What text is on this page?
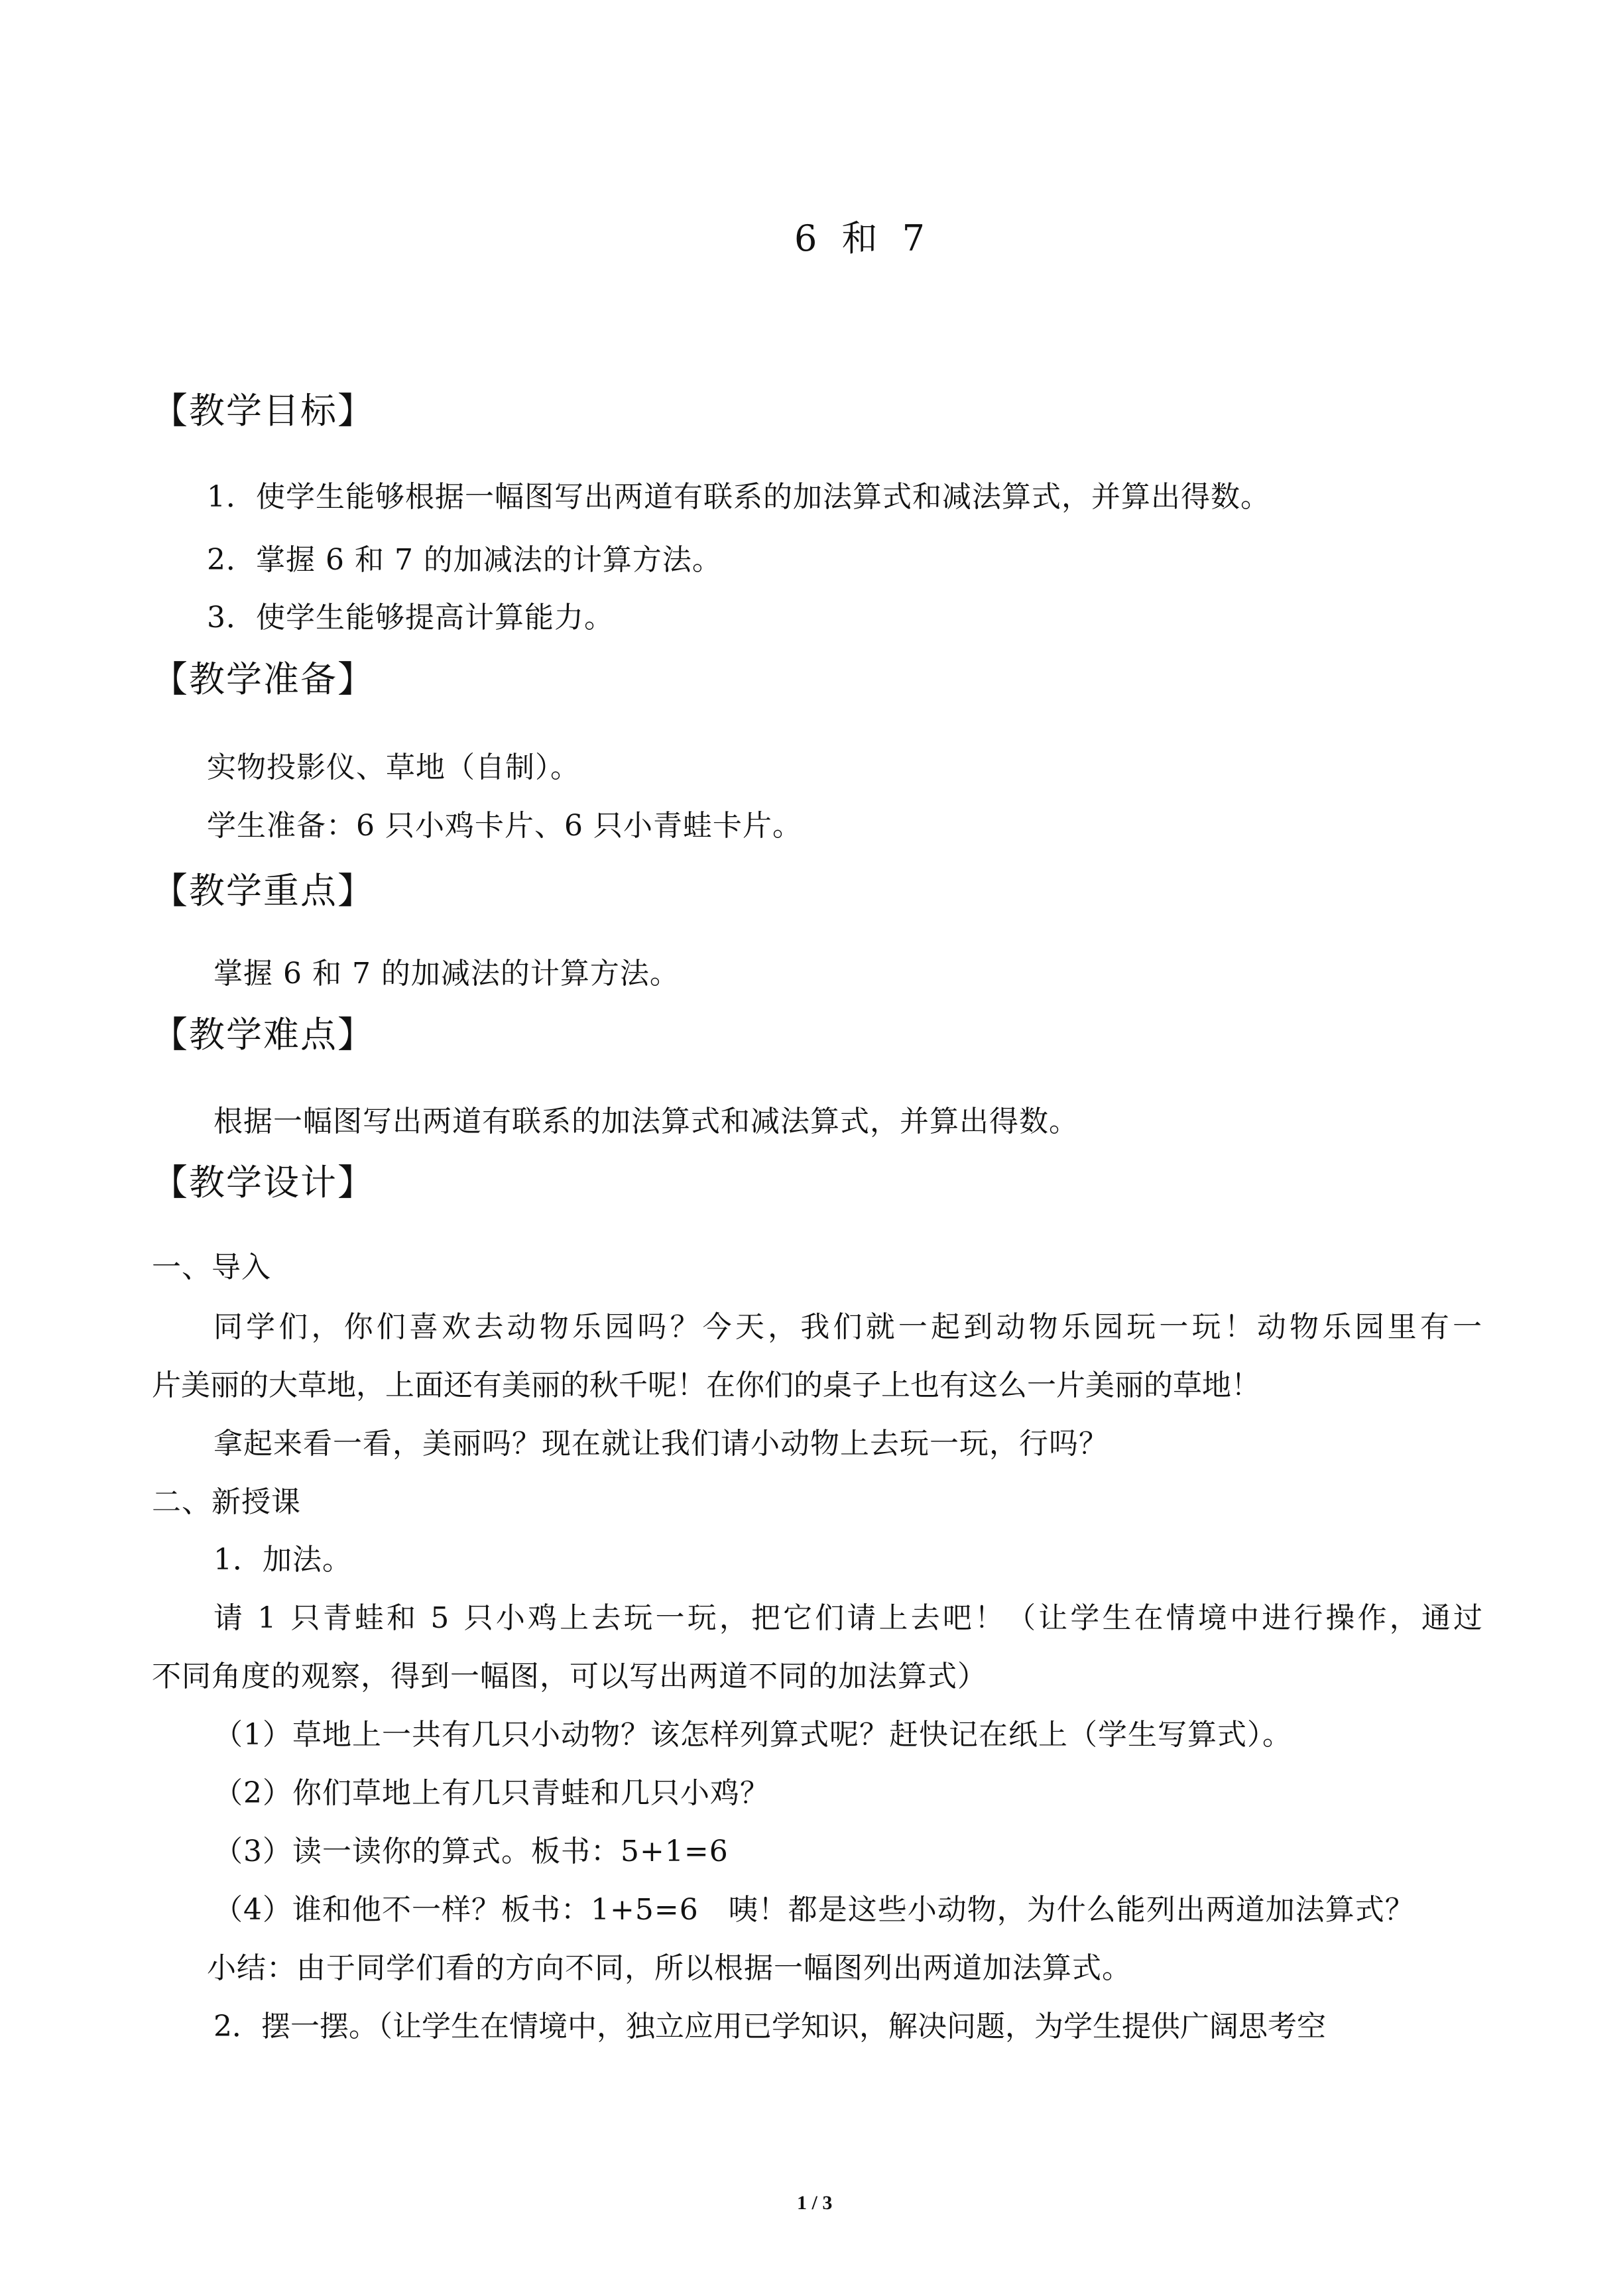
6 和 7
【教学目标】
1．使学生能够根据一幅图写出两道有联系的加法算式和减法算式，并算出得数。
2．掌握 6 和 7 的加减法的计算方法。
3．使学生能够提高计算能力。
【教学准备】
实物投影仪、草地（自制）。
学生准备：6 只小鸡卡片、6 只小青蛙卡片。
【教学重点】
掌握 6 和 7 的加减法的计算方法。
【教学难点】
根据一幅图写出两道有联系的加法算式和减法算式，并算出得数。
【教学设计】
一、导入
同学们，你们喜欢去动物乐园吗？今天，我们就一起到动物乐园玩一玩！动物乐园里有一
片美丽的大草地，上面还有美丽的秋千呢！在你们的桌子上也有这么一片美丽的草地！
拿起来看一看，美丽吗？现在就让我们请小动物上去玩一玩，行吗？
二、新授课
1．加法。
请 1 只青蛙和 5 只小鸡上去玩一玩，把它们请上去吧！（让学生在情境中进行操作，通过
不同角度的观察，得到一幅图，可以写出两道不同的加法算式）
（1）草地上一共有几只小动物？该怎样列算式呢？赶快记在纸上（学生写算式）。
（2）你们草地上有几只青蛙和几只小鸡？
（3）读一读你的算式。板书：5+1=6
（4）谁和他不一样？板书：1+5=6　咦！都是这些小动物，为什么能列出两道加法算式？
小结：由于同学们看的方向不同，所以根据一幅图列出两道加法算式。
2．摆一摆。（让学生在情境中，独立应用已学知识，解决问题，为学生提供广阔思考空
1 / 3
